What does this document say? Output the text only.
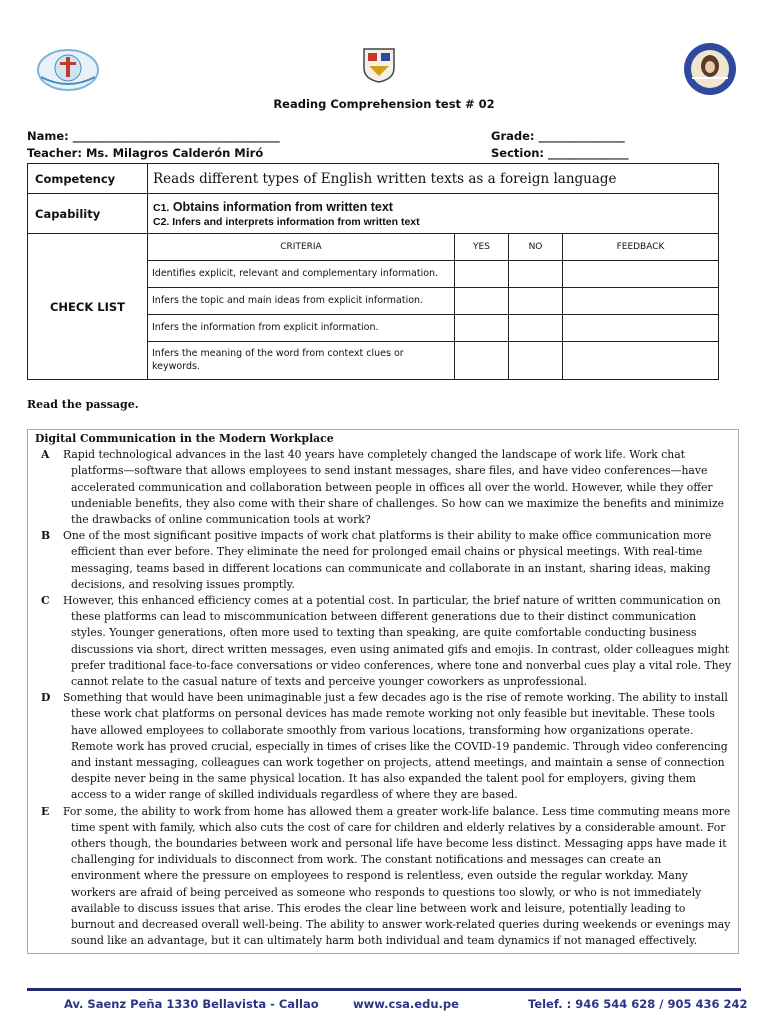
Reading Comprehension test # 02
Name: ____________________________________	Grade: _______________
Teacher: Ms. Milagros Calderón Miró	Section: ______________
Competency	Reads different types of English written texts as a foreign language
Capability	C1. Obtains information from written text
C2. Infers and interprets information from written text

CHECK LIST	
CRITERIA	YES	NO	FEEDBACK
Identifies explicit, relevant and complementary information.			
Infers the topic and main ideas from explicit information.			
Infers the information from explicit information.			
Infers the meaning of the word from context clues or keywords.			
Read the passage.
Digital Communication in the Modern Workplace

A Rapid technological advances in the last 40 years have completely changed the landscape of work life. Work chat platforms—software that allows employees to send instant messages, share files, and have video conferences—have accelerated communication and collaboration between people in offices all over the world. However, while they offer undeniable benefits, they also come with their share of challenges. So how can we maximize the benefits and minimize the drawbacks of online communication tools at work?

B One of the most significant positive impacts of work chat platforms is their ability to make office communication more efficient than ever before. They eliminate the need for prolonged email chains or physical meetings. With real-time messaging, teams based in different locations can communicate and collaborate in an instant, sharing ideas, making decisions, and resolving issues promptly.

C However, this enhanced efficiency comes at a potential cost. In particular, the brief nature of written communication on these platforms can lead to miscommunication between different generations due to their distinct communication styles. Younger generations, often more used to texting than speaking, are quite comfortable conducting business discussions via short, direct written messages, even using animated gifs and emojis. In contrast, older colleagues might prefer traditional face-to-face conversations or video conferences, where tone and nonverbal cues play a vital role. They cannot relate to the casual nature of texts and perceive younger coworkers as unprofessional.

D Something that would have been unimaginable just a few decades ago is the rise of remote working. The ability to install these work chat platforms on personal devices has made remote working not only feasible but inevitable. These tools have allowed employees to collaborate smoothly from various locations, transforming how organizations operate. Remote work has proved crucial, especially in times of crises like the COVID-19 pandemic. Through video conferencing and instant messaging, colleagues can work together on projects, attend meetings, and maintain a sense of connection despite never being in the same physical location. It has also expanded the talent pool for employers, giving them access to a wider range of skilled individuals regardless of where they are based.

E For some, the ability to work from home has allowed them a greater work-life balance. Less time commuting means more time spent with family, which also cuts the cost of care for children and elderly relatives by a considerable amount. For others though, the boundaries between work and personal life have become less distinct. Messaging apps have made it challenging for individuals to disconnect from work. The constant notifications and messages can create an environment where the pressure on employees to respond is relentless, even outside the regular workday. Many workers are afraid of being perceived as someone who responds to questions too slowly, or who is not immediately available to discuss issues that arise. This erodes the clear line between work and leisure, potentially leading to burnout and decreased overall well-being. The ability to answer work-related queries during weekends or evenings may sound like an advantage, but it can ultimately harm both individual and team dynamics if not managed effectively.

Av. Saenz Peña 1330 Bellavista - Callao	www.csa.edu.pe	Telef. : 946 544 628 / 905 436 242
